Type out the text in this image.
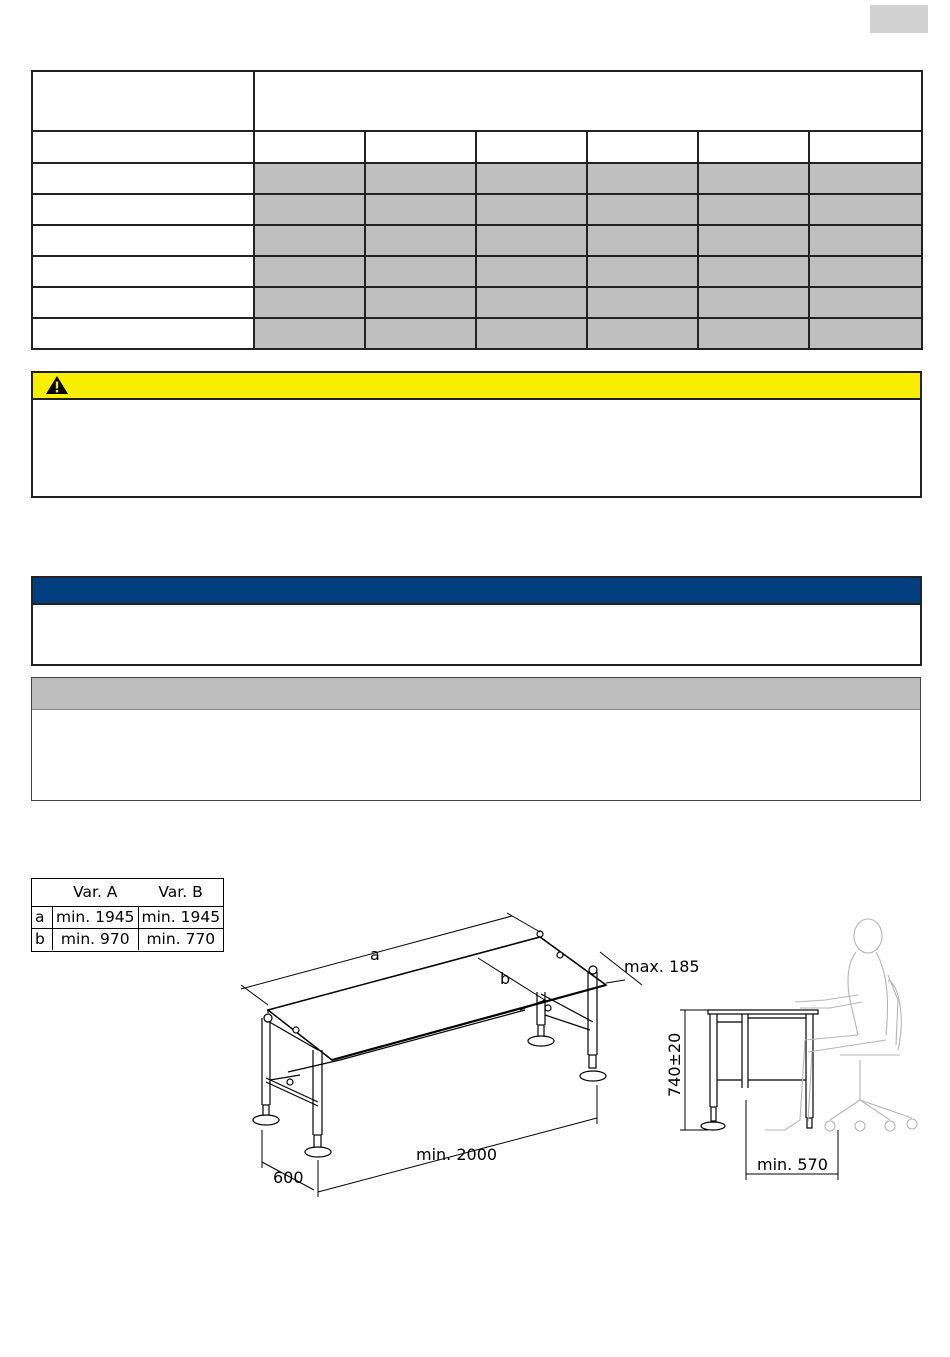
	Var. A	Var. B
a	min. 1945	min. 1945
b	min. 970	min. 770
a
b
max. 185
min. 2000
600
740±20
min. 570
